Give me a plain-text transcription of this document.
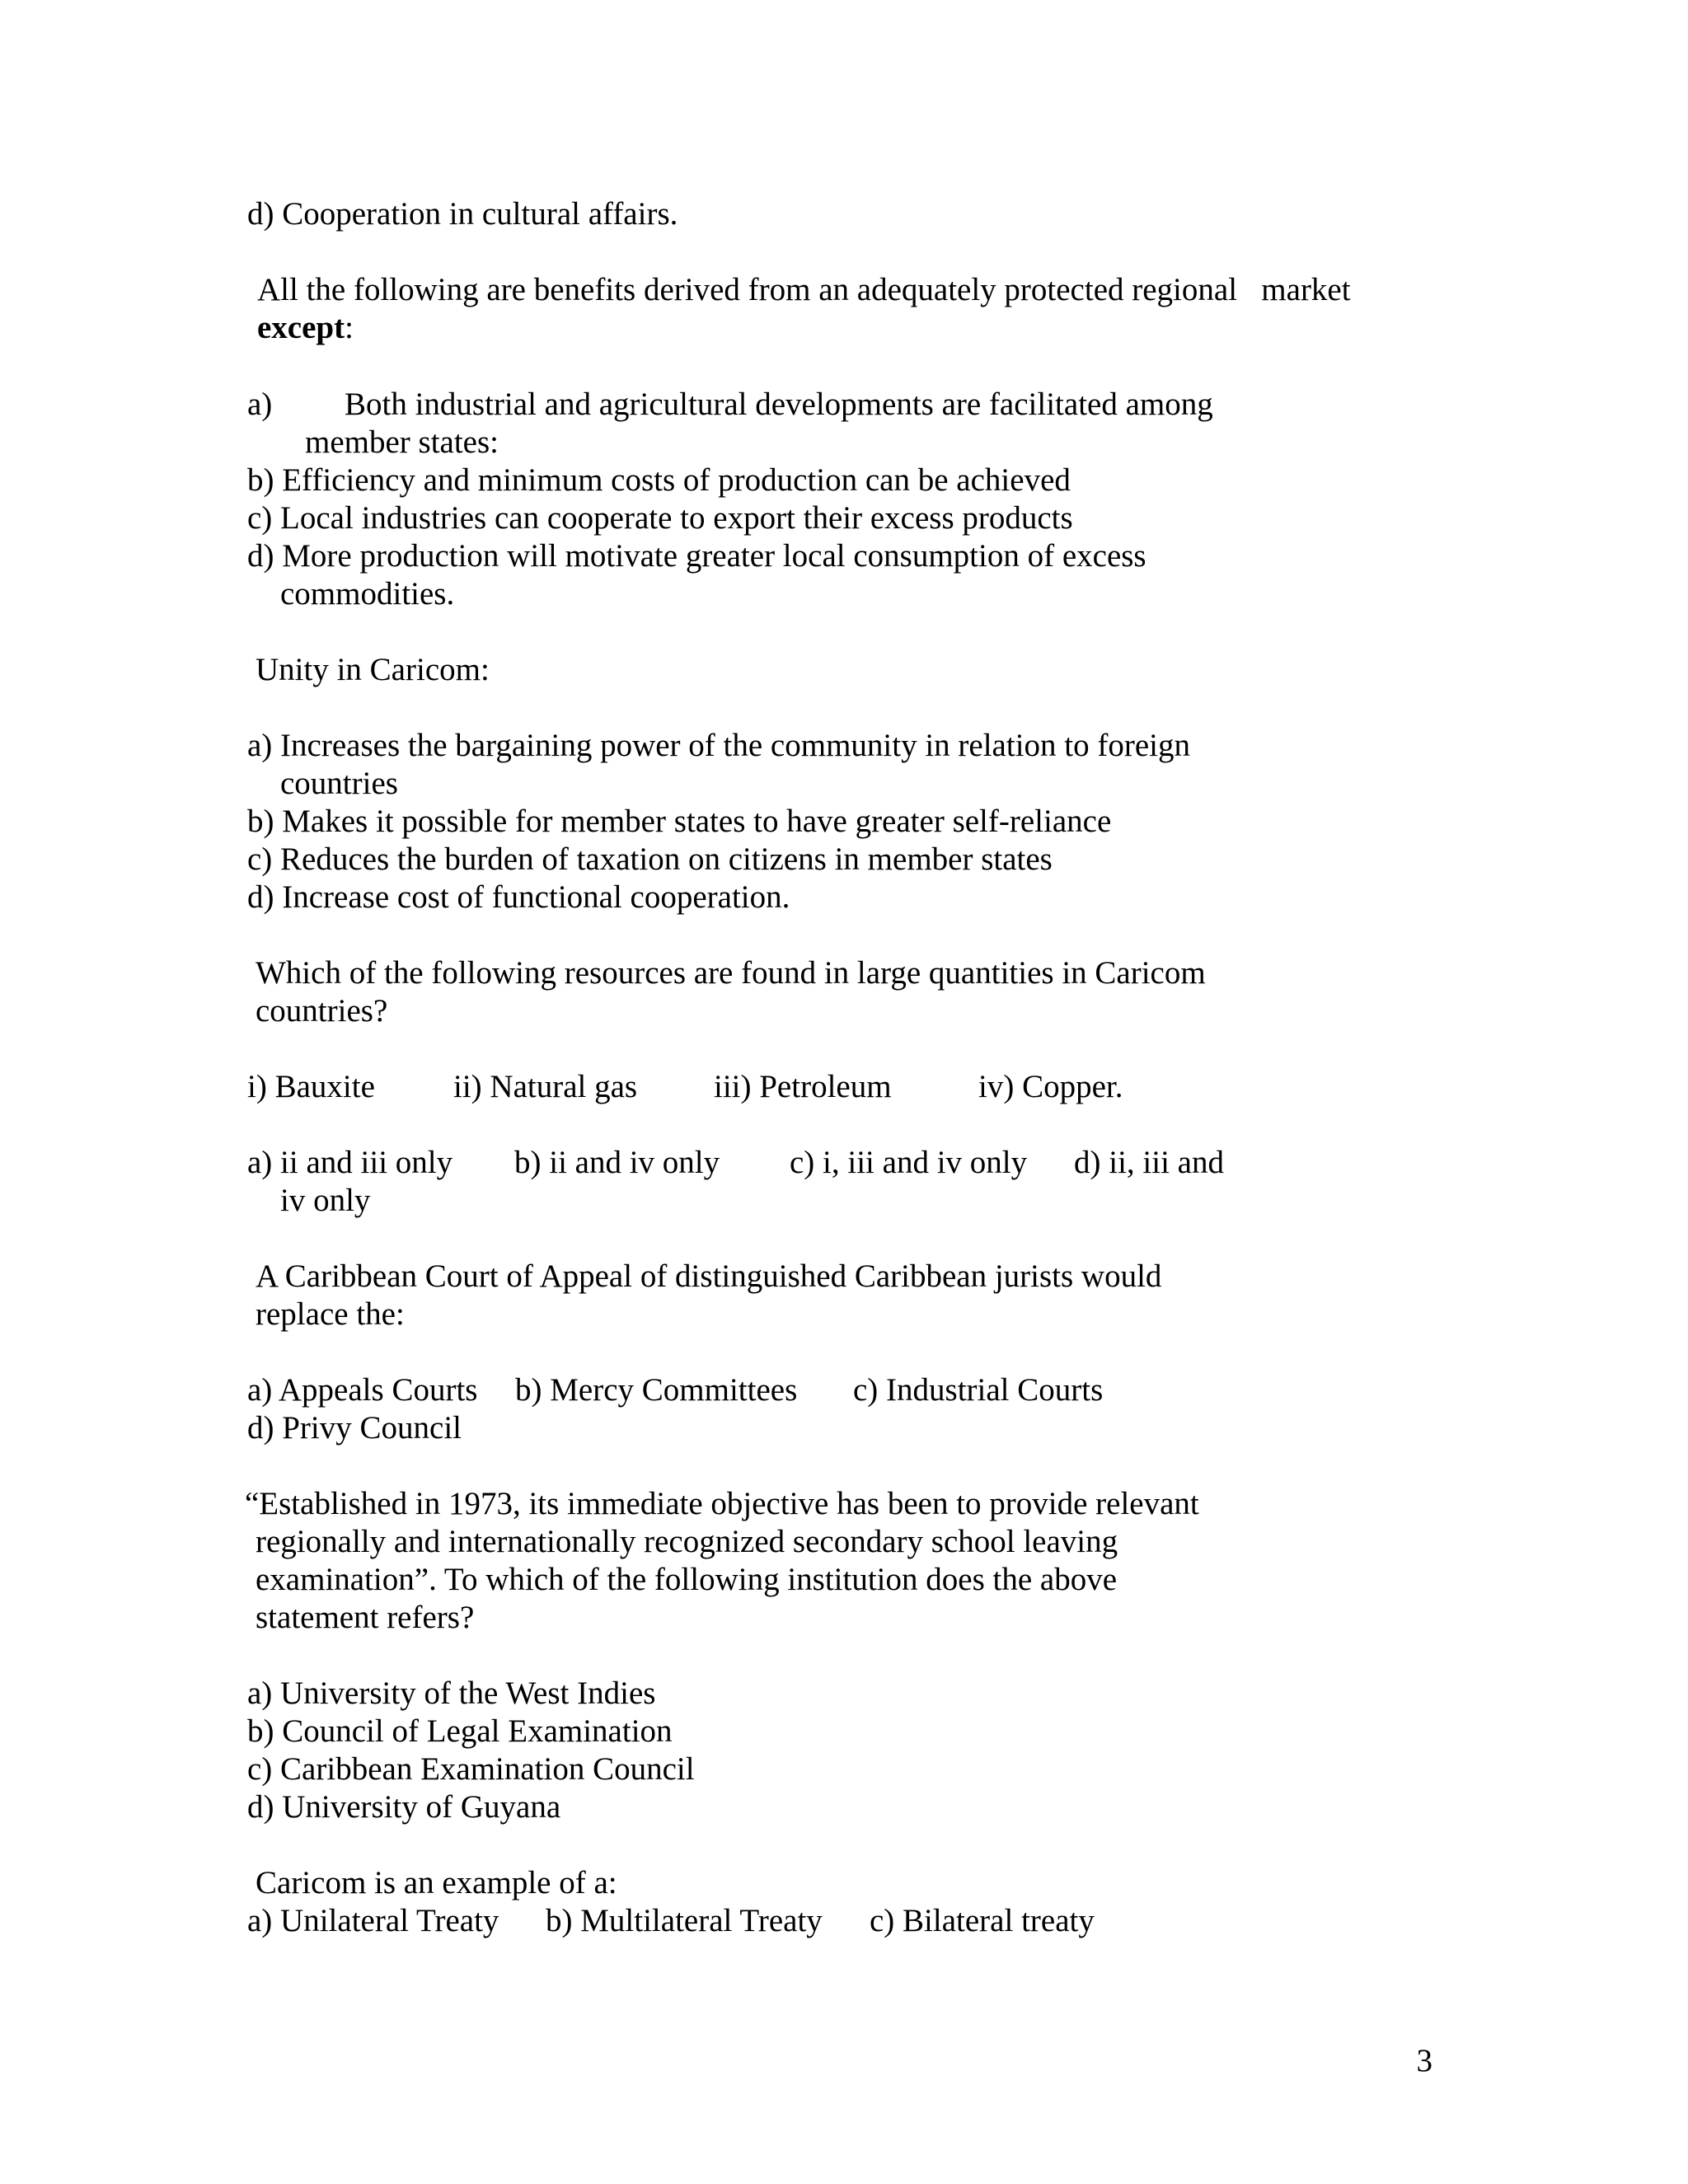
d) Cooperation in cultural affairs.
All the following are benefits derived from an adequately protected regional   market
except:
a) Both industrial and agricultural developments are facilitated among
member states:
b) Efficiency and minimum costs of production can be achieved
c) Local industries can cooperate to export their excess products
d) More production will motivate greater local consumption of excess
commodities.
Unity in Caricom:
a) Increases the bargaining power of the community in relation to foreign
countries
b) Makes it possible for member states to have greater self-reliance
c) Reduces the burden of taxation on citizens in member states
d) Increase cost of functional cooperation.
Which of the following resources are found in large quantities in Caricom
countries?
i) Bauxite ii) Natural gas iii) Petroleum	iv) Copper.
a) ii and iii only b) ii and iv only c) i, iii and iv only d) ii, iii and
iv only
A Caribbean Court of Appeal of distinguished Caribbean jurists would
replace the:
a) Appeals Courts b) Mercy Committees c) Industrial Courts
d) Privy Council
“Established in 1973, its immediate objective has been to provide relevant
regionally and internationally recognized secondary school leaving
examination”. To which of the following institution does the above
statement refers?
a) University of the West Indies
b) Council of Legal Examination
c) Caribbean Examination Council
d) University of Guyana
Caricom is an example of a:
a) Unilateral Treaty b) Multilateral Treaty c) Bilateral treaty
3
